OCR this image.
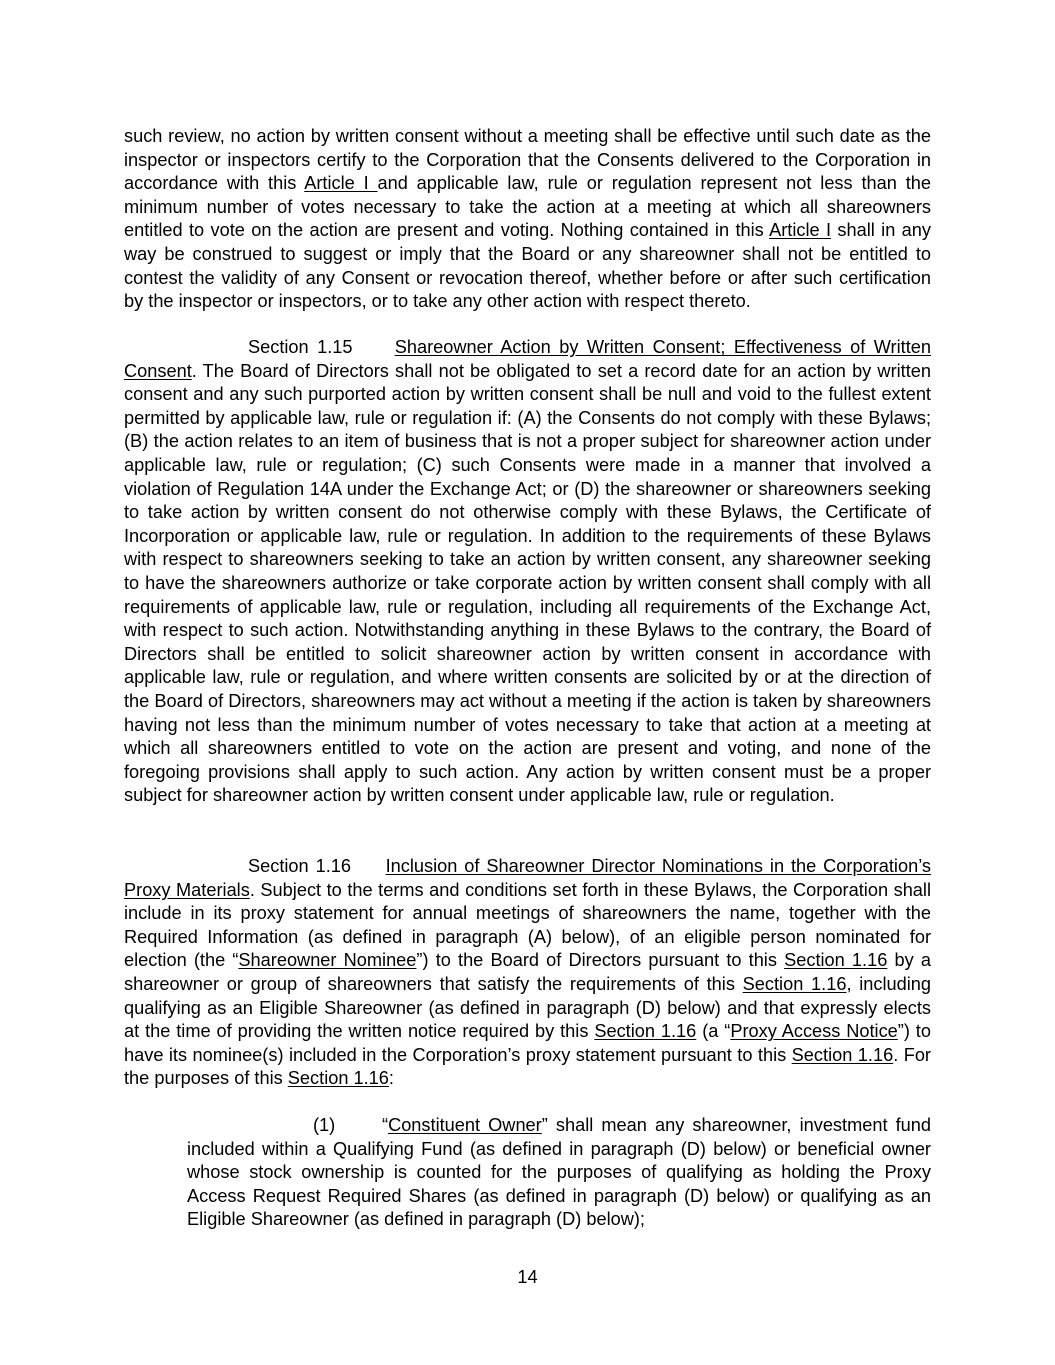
such review, no action by written consent without a meeting shall be effective until such date as the inspector or inspectors certify to the Corporation that the Consents delivered to the Corporation in accordance with this Article I and applicable law, rule or regulation represent not less than the minimum number of votes necessary to take the action at a meeting at which all shareowners entitled to vote on the action are present and voting. Nothing contained in this Article I shall in any way be construed to suggest or imply that the Board or any shareowner shall not be entitled to contest the validity of any Consent or revocation thereof, whether before or after such certification by the inspector or inspectors, or to take any other action with respect thereto.

Section 1.15 Shareowner Action by Written Consent; Effectiveness of Written Consent. The Board of Directors shall not be obligated to set a record date for an action by written consent and any such purported action by written consent shall be null and void to the fullest extent permitted by applicable law, rule or regulation if: (A) the Consents do not comply with these Bylaws; (B) the action relates to an item of business that is not a proper subject for shareowner action under applicable law, rule or regulation; (C) such Consents were made in a manner that involved a violation of Regulation 14A under the Exchange Act; or (D) the shareowner or shareowners seeking to take action by written consent do not otherwise comply with these Bylaws, the Certificate of Incorporation or applicable law, rule or regulation. In addition to the requirements of these Bylaws with respect to shareowners seeking to take an action by written consent, any shareowner seeking to have the shareowners authorize or take corporate action by written consent shall comply with all requirements of applicable law, rule or regulation, including all requirements of the Exchange Act, with respect to such action. Notwithstanding anything in these Bylaws to the contrary, the Board of Directors shall be entitled to solicit shareowner action by written consent in accordance with applicable law, rule or regulation, and where written consents are solicited by or at the direction of the Board of Directors, shareowners may act without a meeting if the action is taken by shareowners having not less than the minimum number of votes necessary to take that action at a meeting at which all shareowners entitled to vote on the action are present and voting, and none of the foregoing provisions shall apply to such action. Any action by written consent must be a proper subject for shareowner action by written consent under applicable law, rule or regulation.

Section 1.16 Inclusion of Shareowner Director Nominations in the Corporation’s Proxy Materials. Subject to the terms and conditions set forth in these Bylaws, the Corporation shall include in its proxy statement for annual meetings of shareowners the name, together with the Required Information (as defined in paragraph (A) below), of an eligible person nominated for election (the “Shareowner Nominee”) to the Board of Directors pursuant to this Section 1.16 by a shareowner or group of shareowners that satisfy the requirements of this Section 1.16, including qualifying as an Eligible Shareowner (as defined in paragraph (D) below) and that expressly elects at the time of providing the written notice required by this Section 1.16 (a “Proxy Access Notice”) to have its nominee(s) included in the Corporation’s proxy statement pursuant to this Section 1.16. For the purposes of this Section 1.16:

(1)	“Constituent Owner” shall mean any shareowner, investment fund included within a Qualifying Fund (as defined in paragraph (D) below) or beneficial owner whose stock ownership is counted for the purposes of qualifying as holding the Proxy Access Request Required Shares (as defined in paragraph (D) below) or qualifying as an Eligible Shareowner (as defined in paragraph (D) below);

14
